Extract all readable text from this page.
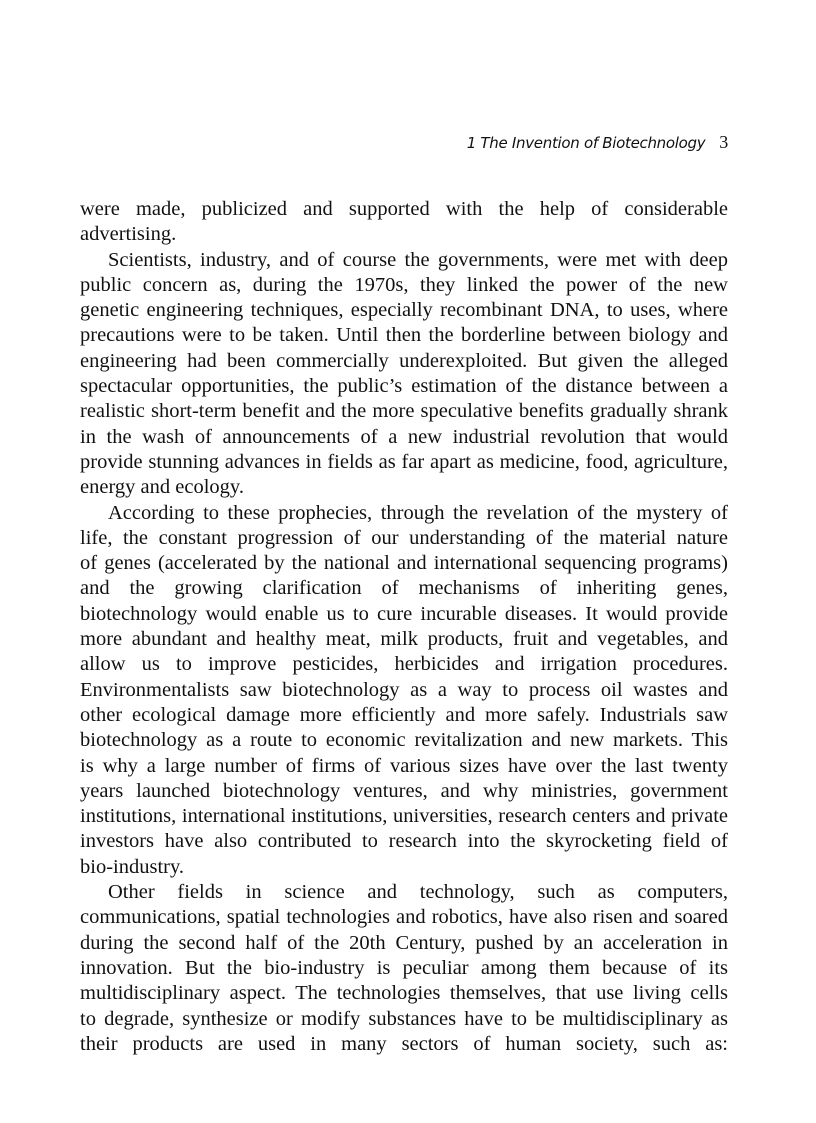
1 The Invention of Biotechnology 3
were made, publicized and supported with the help of considerable
advertising.
Scientists, industry, and of course the governments, were met with deep
public concern as, during the 1970s, they linked the power of the new
genetic engineering techniques, especially recombinant DNA, to uses, where
precautions were to be taken. Until then the borderline between biology and
engineering had been commercially underexploited. But given the alleged
spectacular opportunities, the public’s estimation of the distance between a
realistic short-term benefit and the more speculative benefits gradually shrank
in the wash of announcements of a new industrial revolution that would
provide stunning advances in fields as far apart as medicine, food, agriculture,
energy and ecology.
According to these prophecies, through the revelation of the mystery of
life, the constant progression of our understanding of the material nature
of genes (accelerated by the national and international sequencing programs)
and the growing clarification of mechanisms of inheriting genes,
biotechnology would enable us to cure incurable diseases. It would provide
more abundant and healthy meat, milk products, fruit and vegetables, and
allow us to improve pesticides, herbicides and irrigation procedures.
Environmentalists saw biotechnology as a way to process oil wastes and
other ecological damage more efficiently and more safely. Industrials saw
biotechnology as a route to economic revitalization and new markets. This
is why a large number of firms of various sizes have over the last twenty
years launched biotechnology ventures, and why ministries, government
institutions, international institutions, universities, research centers and private
investors have also contributed to research into the skyrocketing field of
bio-industry.
Other fields in science and technology, such as computers,
communications, spatial technologies and robotics, have also risen and soared
during the second half of the 20th Century, pushed by an acceleration in
innovation. But the bio-industry is peculiar among them because of its
multidisciplinary aspect. The technologies themselves, that use living cells
to degrade, synthesize or modify substances have to be multidisciplinary as
their products are used in many sectors of human society, such as:
